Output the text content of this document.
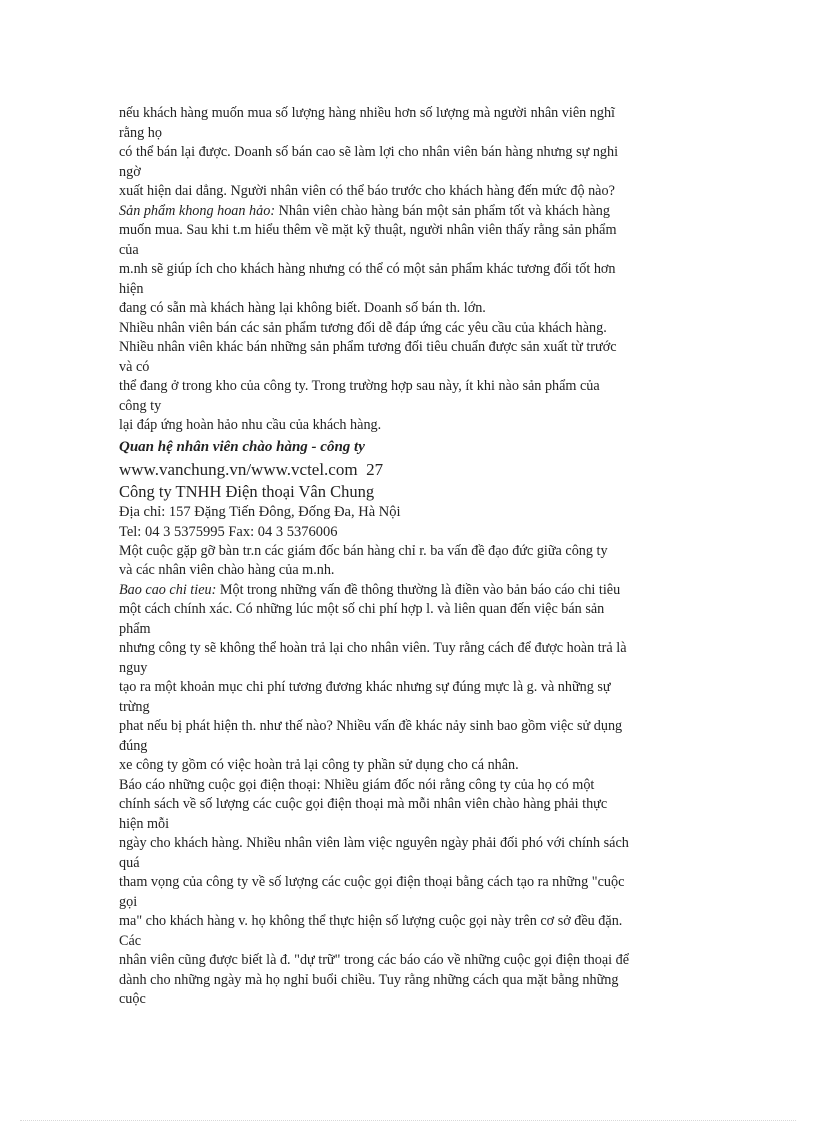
nếu khách hàng muốn mua số lượng hàng nhiều hơn số lượng mà người nhân viên nghĩ
rằng họ
có thể bán lại được. Doanh số bán cao sẽ làm lợi cho nhân viên bán hàng nhưng sự nghi
ngờ
xuất hiện dai dẳng. Người nhân viên có thể báo trước cho khách hàng đến mức độ nào?
Sản phẩm khong hoan hảo: Nhân viên chào hàng bán một sản phẩm tốt và khách hàng
muốn mua. Sau khi t.m hiểu thêm về mặt kỹ thuật, người nhân viên thấy rằng sản phẩm
của
m.nh sẽ giúp ích cho khách hàng nhưng có thể có một sản phẩm khác tương đối tốt hơn
hiện
đang có sẵn mà khách hàng lại không biết. Doanh số bán th. lớn.
Nhiều nhân viên bán các sản phẩm tương đối dễ đáp ứng các yêu cầu của khách hàng.
Nhiều nhân viên khác bán những sản phẩm tương đối tiêu chuẩn được sản xuất từ trước
và có
thể đang ở trong kho của công ty. Trong trường hợp sau này, ít khi nào sản phẩm của
công ty
lại đáp ứng hoàn hảo nhu cầu của khách hàng.
Quan hệ nhân viên chào hàng - công ty
www.vanchung.vn/www.vctel.com 27
Công ty TNHH Điện thoại Vân Chung
Địa chỉ: 157 Đặng Tiến Đông, Đống Đa, Hà Nội
Tel: 04 3 5375995 Fax: 04 3 5376006
Một cuộc gặp gỡ bàn tr.n các giám đốc bán hàng chỉ r. ba vấn đề đạo đức giữa công ty
và các nhân viên chào hàng của m.nh.
Bao cao chi tieu: Một trong những vấn đề thông thường là điền vào bản báo cáo chi tiêu
một cách chính xác. Có những lúc một số chi phí hợp l. và liên quan đến việc bán sản
phẩm
nhưng công ty sẽ không thể hoàn trả lại cho nhân viên. Tuy rằng cách để được hoàn trả là
nguy
tạo ra một khoản mục chi phí tương đương khác nhưng sự đúng mực là g. và những sự
trừng
phat nếu bị phát hiện th. như thế nào? Nhiều vấn đề khác nảy sinh bao gồm việc sử dụng
đúng
xe công ty gồm có việc hoàn trả lại công ty phần sử dụng cho cá nhân.
Báo cáo những cuộc gọi điện thoại: Nhiều giám đốc nói rằng công ty của họ có một
chính sách về số lượng các cuộc gọi điện thoại mà mỗi nhân viên chào hàng phải thực
hiện mỗi
ngày cho khách hàng. Nhiều nhân viên làm việc nguyên ngày phải đối phó với chính sách
quá
tham vọng của công ty về số lượng các cuộc gọi điện thoại bằng cách tạo ra những "cuộc
gọi
ma" cho khách hàng v. họ không thể thực hiện số lượng cuộc gọi này trên cơ sở đều đặn.
Các
nhân viên cũng được biết là đ. "dự trữ" trong các báo cáo về những cuộc gọi điện thoại để
dành cho những ngày mà họ nghỉ buổi chiều. Tuy rằng những cách qua mặt bằng những
cuộc
